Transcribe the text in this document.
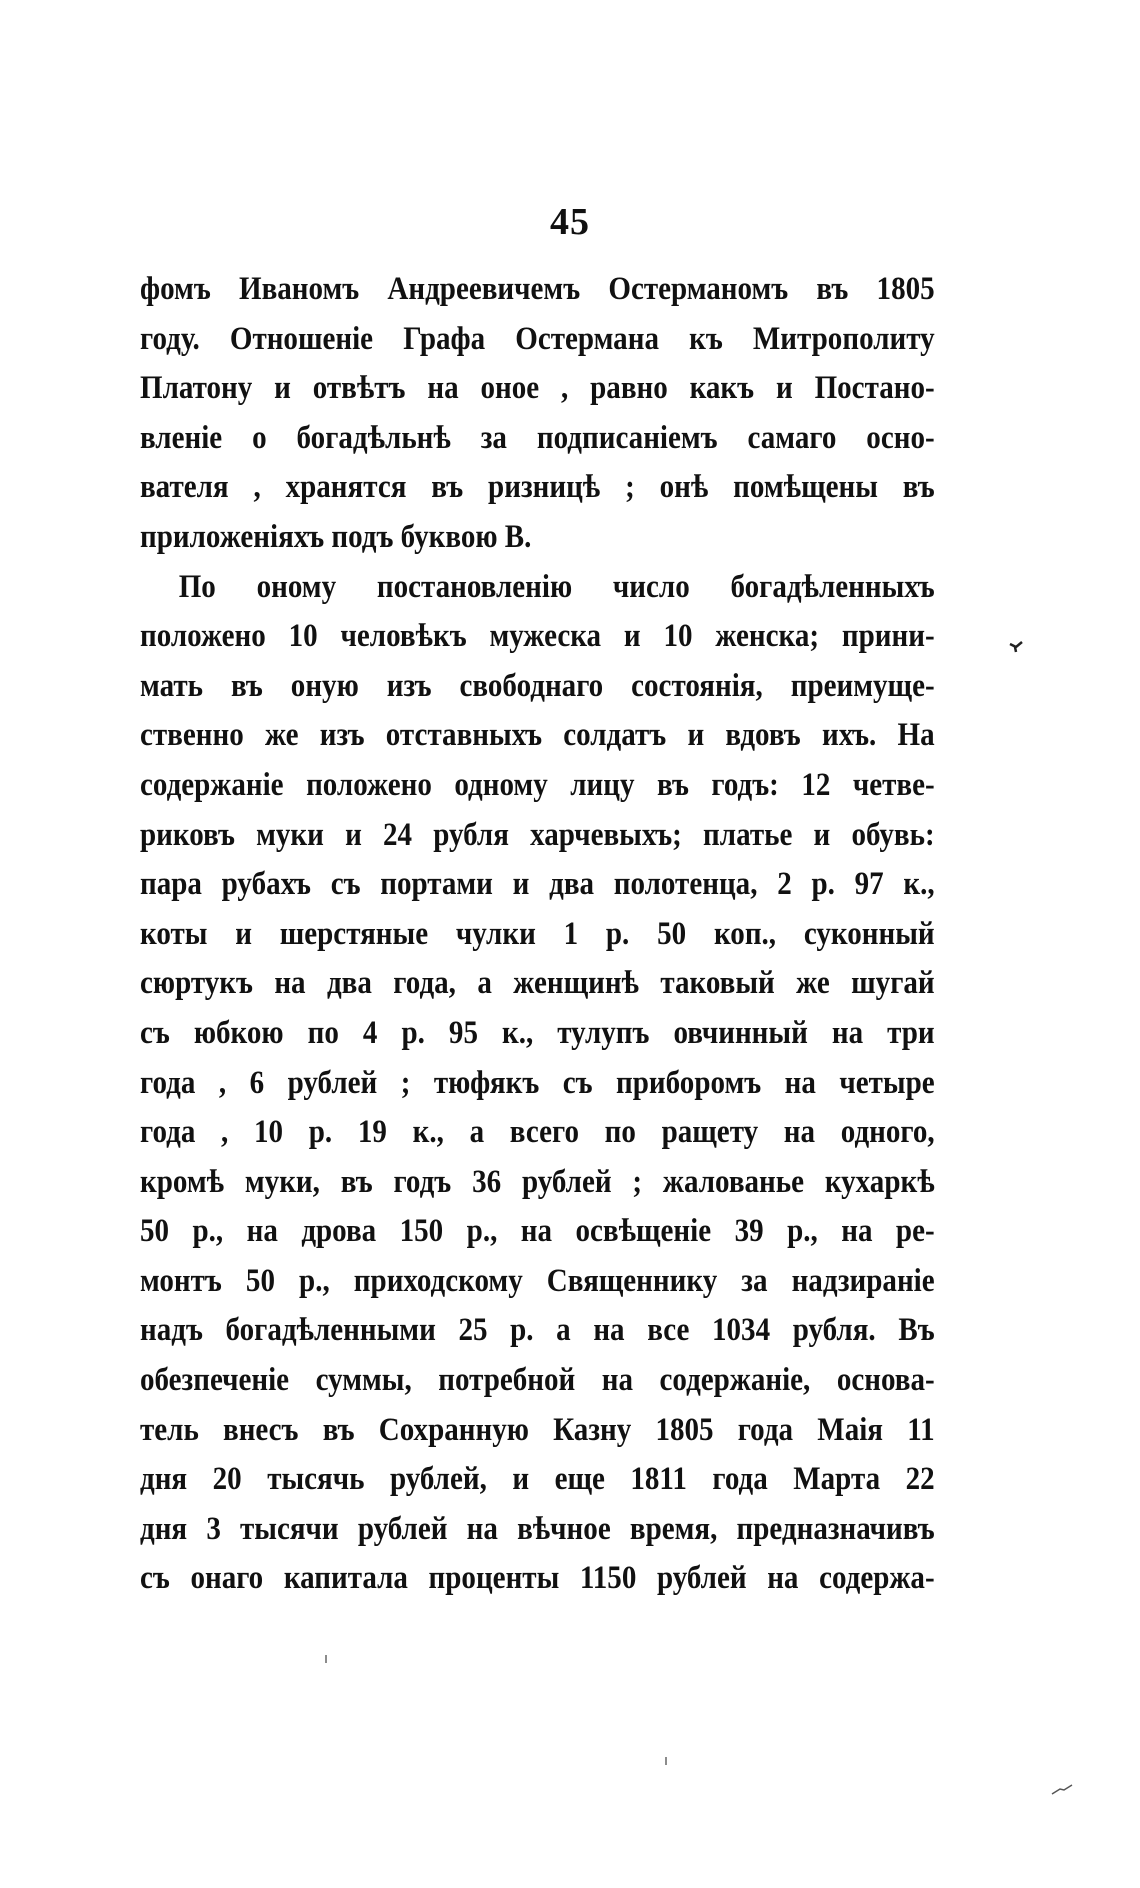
45
фомъ Иваномъ Андреевичемъ Остерманомъ въ 1805
году. Отношеніе Графа Остермана къ Митрополиту
Платону и отвѣтъ на оное , равно какъ и Постано-
вленіе о богадѣльнѣ за подписаніемъ самаго осно-
вателя , хранятся въ ризницѣ ; онѣ помѣщены въ
приложеніяхъ подъ буквою В.
По оному постановленію число богадѣленныхъ
положено 10 человѣкъ мужеска и 10 женска; прини-
мать въ оную изъ свободнаго состоянія, преимуще-
ственно же изъ отставныхъ солдатъ и вдовъ ихъ. На
содержаніе положено одному лицу въ годъ: 12 четве-
риковъ муки и 24 рубля харчевыхъ; платье и обувь:
пара рубахъ съ портами и два полотенца, 2 р. 97 к.,
коты и шерстяные чулки 1 р. 50 коп., суконный
сюртукъ на два года, а женщинѣ таковый же шугай
съ юбкою по 4 р. 95 к., тулупъ овчинный на три
года , 6 рублей ; тюфякъ съ приборомъ на четыре
года , 10 р. 19 к., а всего по ращету на одного,
кромѣ муки, въ годъ 36 рублей ; жалованье кухаркѣ
50 р., на дрова 150 р., на освѣщеніе 39 р., на ре-
монтъ 50 р., приходскому Священнику за надзираніе
надъ богадѣленными 25 р. а на все 1034 рубля. Въ
обезпеченіе суммы, потребной на содержаніе, основа-
тель внесъ въ Сохранную Казну 1805 года Маія 11
дня 20 тысячь рублей, и еще 1811 года Марта 22
дня 3 тысячи рублей на вѣчное время, предназначивъ
съ онаго капитала проценты 1150 рублей на содержа-
